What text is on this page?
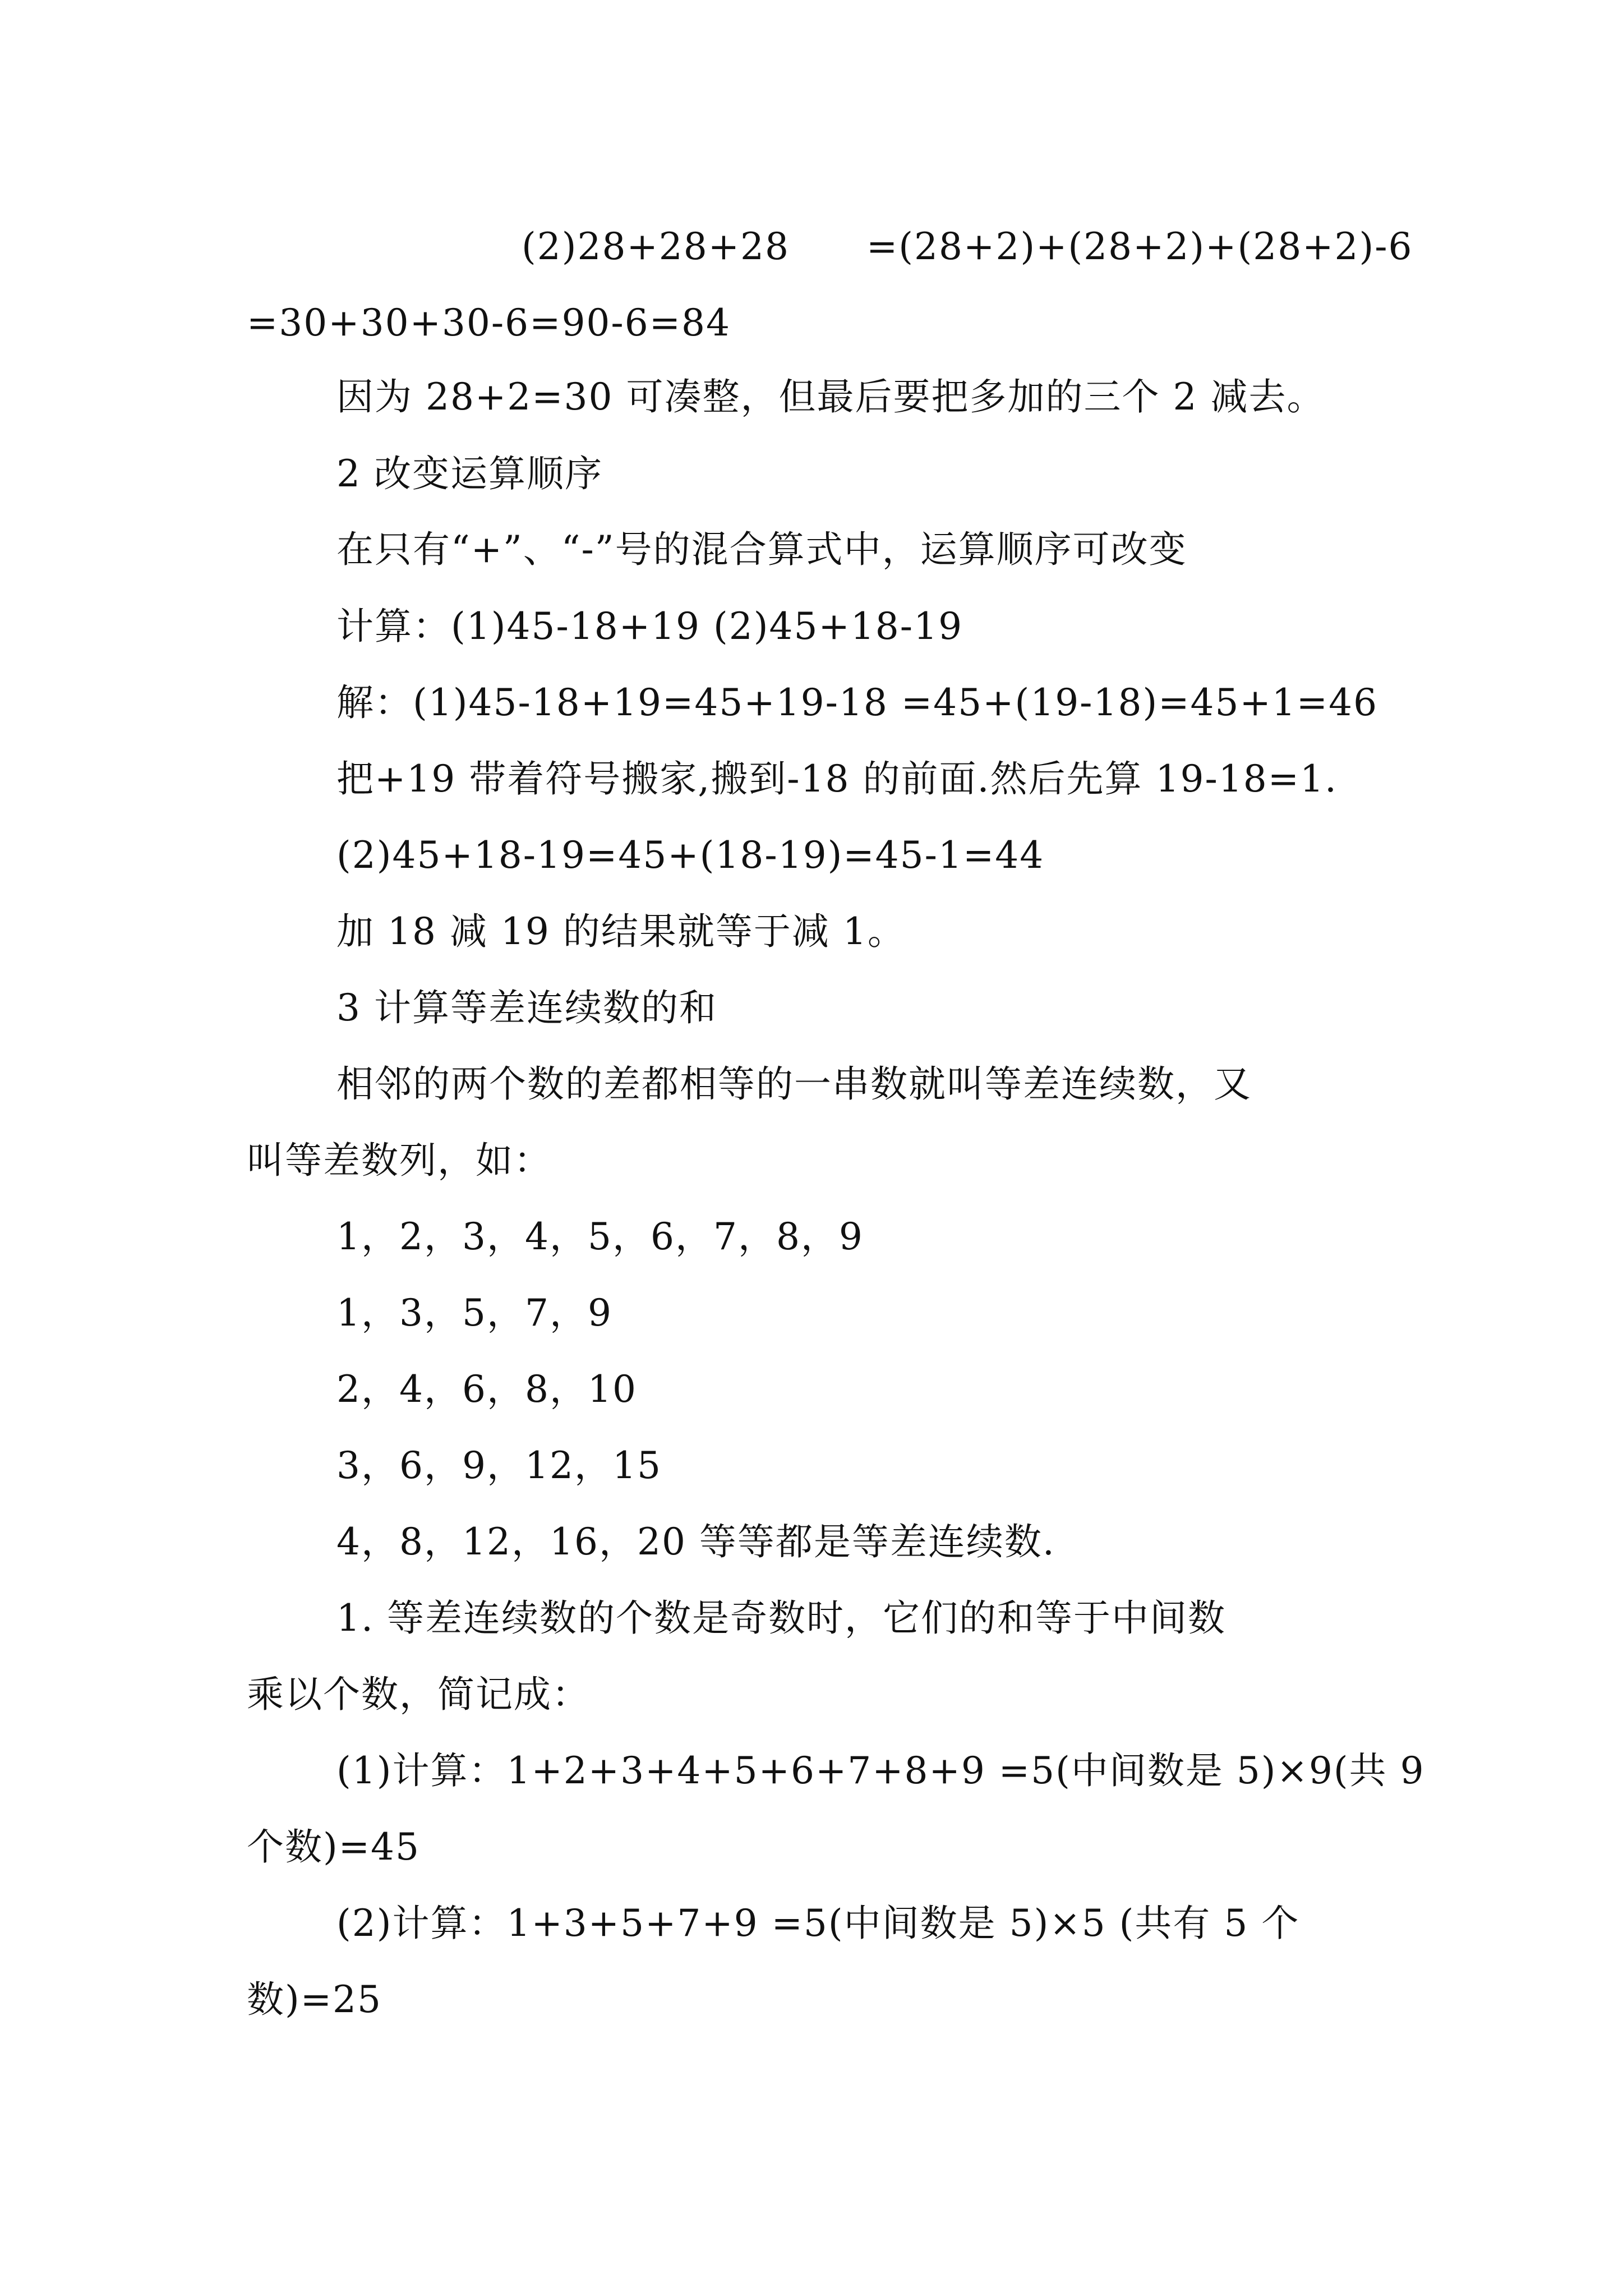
(2)28+28+28 =(28+2)+(28+2)+(28+2)-6
=30+30+30-6=90-6=84
因为 28+2=30 可凑整，但最后要把多加的三个 2 减去。
2 改变运算顺序
在只有“+”、“-”号的混合算式中，运算顺序可改变
计算：(1)45-18+19 (2)45+18-19
解：(1)45-18+19=45+19-18 =45+(19-18)=45+1=46
把+19 带着符号搬家,搬到-18 的前面.然后先算 19-18=1.
(2)45+18-19=45+(18-19)=45-1=44
加 18 减 19 的结果就等于减 1。
3 计算等差连续数的和
相邻的两个数的差都相等的一串数就叫等差连续数，又
叫等差数列，如：
1，2，3，4，5，6，7，8，9
1，3，5，7，9
2，4，6，8，10
3，6，9，12，15
4，8，12，16，20 等等都是等差连续数.
1. 等差连续数的个数是奇数时，它们的和等于中间数
乘以个数，简记成：
(1)计算：1+2+3+4+5+6+7+8+9 =5(中间数是 5)×9(共 9
个数)=45
(2)计算：1+3+5+7+9 =5(中间数是 5)×5 (共有 5 个
数)=25
